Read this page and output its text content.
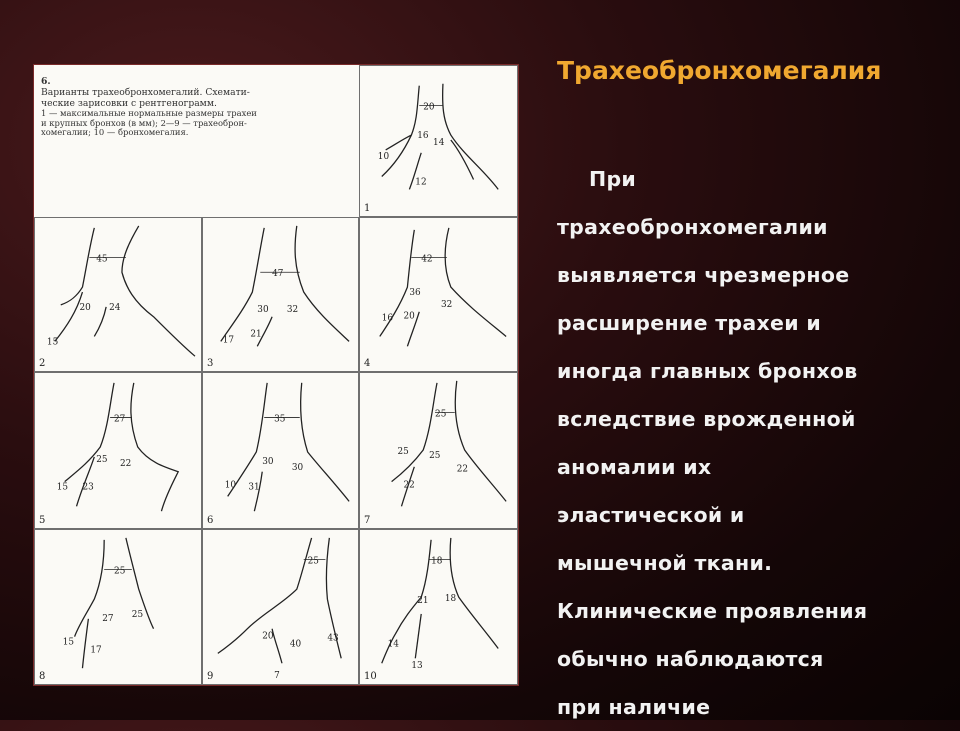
6.
Варианты трахеобронхомегалий. Схемати-
ческие зарисовки с рентгенограмм.
1 — максимальные нормальные размеры трахеи
и крупных бронхов (в мм); 2—9 — трахеоброн-
хомегалии; 10 — бронхомегалия.
20
16
14
10
12
1
45
20 24
15
2
47
30 32
17
21
3
42
36
32
16 20
4
27
25 22
15 23
5
35
30
30
10 31
6
25
25 25
22
22
7
25
27 25
15
17
8
25
20
40
43
7
9
18
21 18
14
13
10
Трахеобронхомегалия
При
трахеобронхомегалии
выявляется чрезмерное
расширение трахеи и
иногда главных бронхов
вследствие врожденной
аномалии их
эластической и
мышечной ткани.
Клинические проявления
обычно наблюдаются
при наличие
